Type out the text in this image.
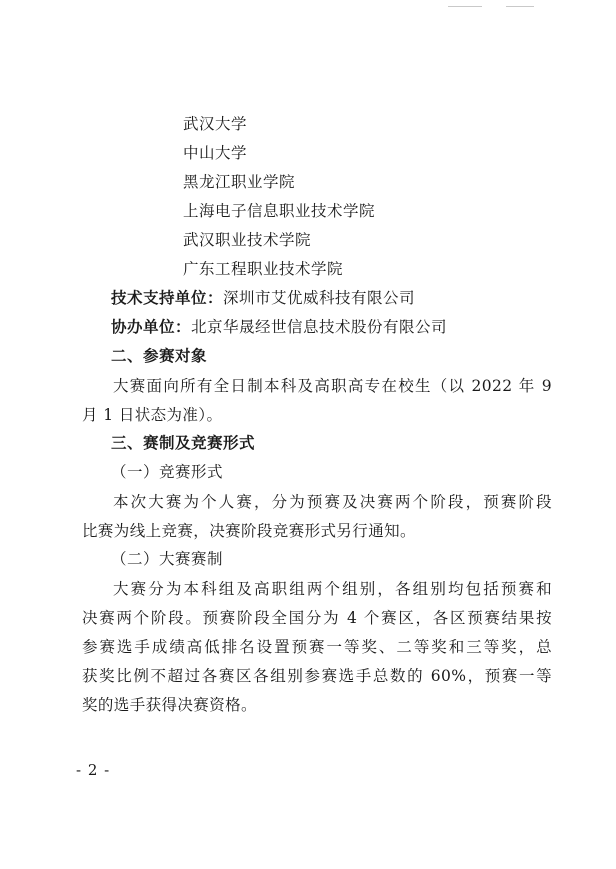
武汉大学
中山大学
黑龙江职业学院
上海电子信息职业技术学院
武汉职业技术学院
广东工程职业技术学院
技术支持单位：深圳市艾优威科技有限公司
协办单位：北京华晟经世信息技术股份有限公司
二、参赛对象
大赛面向所有全日制本科及高职高专在校生（以 2022 年 9
月 1 日状态为准）。
三、赛制及竞赛形式
（一）竞赛形式
本次大赛为个人赛，分为预赛及决赛两个阶段，预赛阶段
比赛为线上竞赛，决赛阶段竞赛形式另行通知。
（二）大赛赛制
大赛分为本科组及高职组两个组别，各组别均包括预赛和
决赛两个阶段。预赛阶段全国分为 4 个赛区，各区预赛结果按
参赛选手成绩高低排名设置预赛一等奖、二等奖和三等奖，总
获奖比例不超过各赛区各组别参赛选手总数的 60%，预赛一等
奖的选手获得决赛资格。
- 2 -
